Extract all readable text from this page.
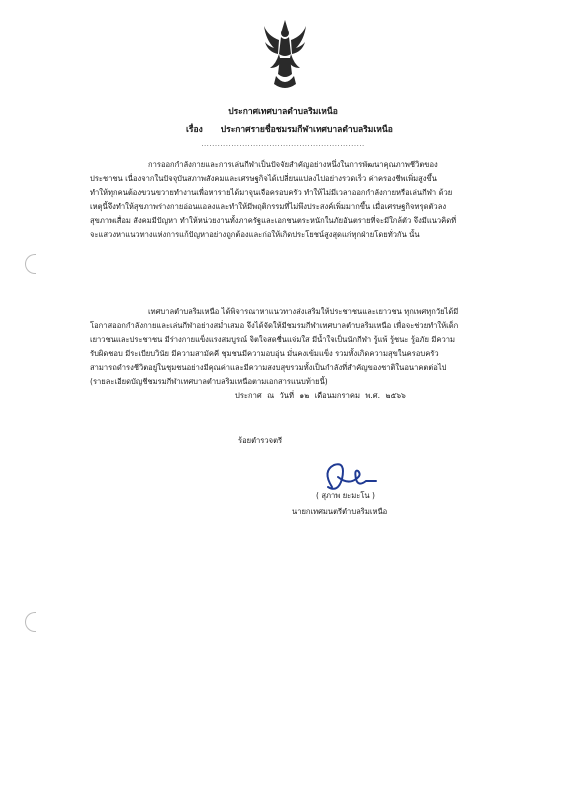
ประกาศเทศบาลตำบลริมเหนือ
เรื่อง ประกาศรายชื่อชมรมกีฬาเทศบาลตำบลริมเหนือ
............................................................
การออกกำลังกายและการเล่นกีฬาเป็นปัจจัยสำคัญอย่างหนึ่งในการพัฒนาคุณภาพชีวิตของ
ประชาชน เนื่องจากในปัจจุบันสภาพสังคมและเศรษฐกิจได้เปลี่ยนแปลงไปอย่างรวดเร็ว ค่าครองชีพเพิ่มสูงขึ้น
ทำให้ทุกคนต้องขวนขวายทำงานเพื่อหารายได้มาจุนเจือครอบครัว ทำให้ไม่มีเวลาออกกำลังกายหรือเล่นกีฬา ด้วย
เหตุนี้จึงทำให้สุขภาพร่างกายอ่อนแอลงและทำให้มีพฤติกรรมที่ไม่พึงประสงค์เพิ่มมากขึ้น เมื่อเศรษฐกิจทรุดตัวลง
สุขภาพเสื่อม สังคมมีปัญหา ทำให้หน่วยงานทั้งภาครัฐและเอกชนตระหนักในภัยอันตรายที่จะมีใกล้ตัว จึงมีแนวคิดที่
จะแสวงหาแนวทางแห่งการแก้ปัญหาอย่างถูกต้องและก่อให้เกิดประโยชน์สูงสุดแก่ทุกฝ่ายโดยทั่วกัน นั้น
เทศบาลตำบลริมเหนือ ได้พิจารณาหาแนวทางส่งเสริมให้ประชาชนและเยาวชน ทุกเพศทุกวัยได้มี
โอกาสออกกำลังกายและเล่นกีฬาอย่างสม่ำเสมอ จึงได้จัดให้มีชมรมกีฬาเทศบาลตำบลริมเหนือ เพื่อจะช่วยทำให้เด็ก
เยาวชนและประชาชน มีร่างกายแข็งแรงสมบูรณ์ จิตใจสดชื่นแจ่มใส มีน้ำใจเป็นนักกีฬา รู้แพ้ รู้ชนะ รู้อภัย มีความ
รับผิดชอบ มีระเบียบวินัย มีความสามัคคี ชุมชนมีความอบอุ่น มั่นคงเข้มแข็ง รวมทั้งเกิดความสุขในครอบครัว
สามารถดำรงชีวิตอยู่ในชุมชนอย่างมีคุณค่าและมีความสงบสุขรวมทั้งเป็นกำลังที่สำคัญของชาติในอนาคตต่อไป
(รายละเอียดบัญชีชมรมกีฬาเทศบาลตำบลริมเหนือตามเอกสารแนบท้ายนี้)
ประกาศ ณ วันที่ ๑๒ เดือนมกราคม พ.ศ. ๒๕๖๖
ร้อยตำรวจตรี
( สุภาพ ยะมะโน )
นายกเทศมนตรีตำบลริมเหนือ
